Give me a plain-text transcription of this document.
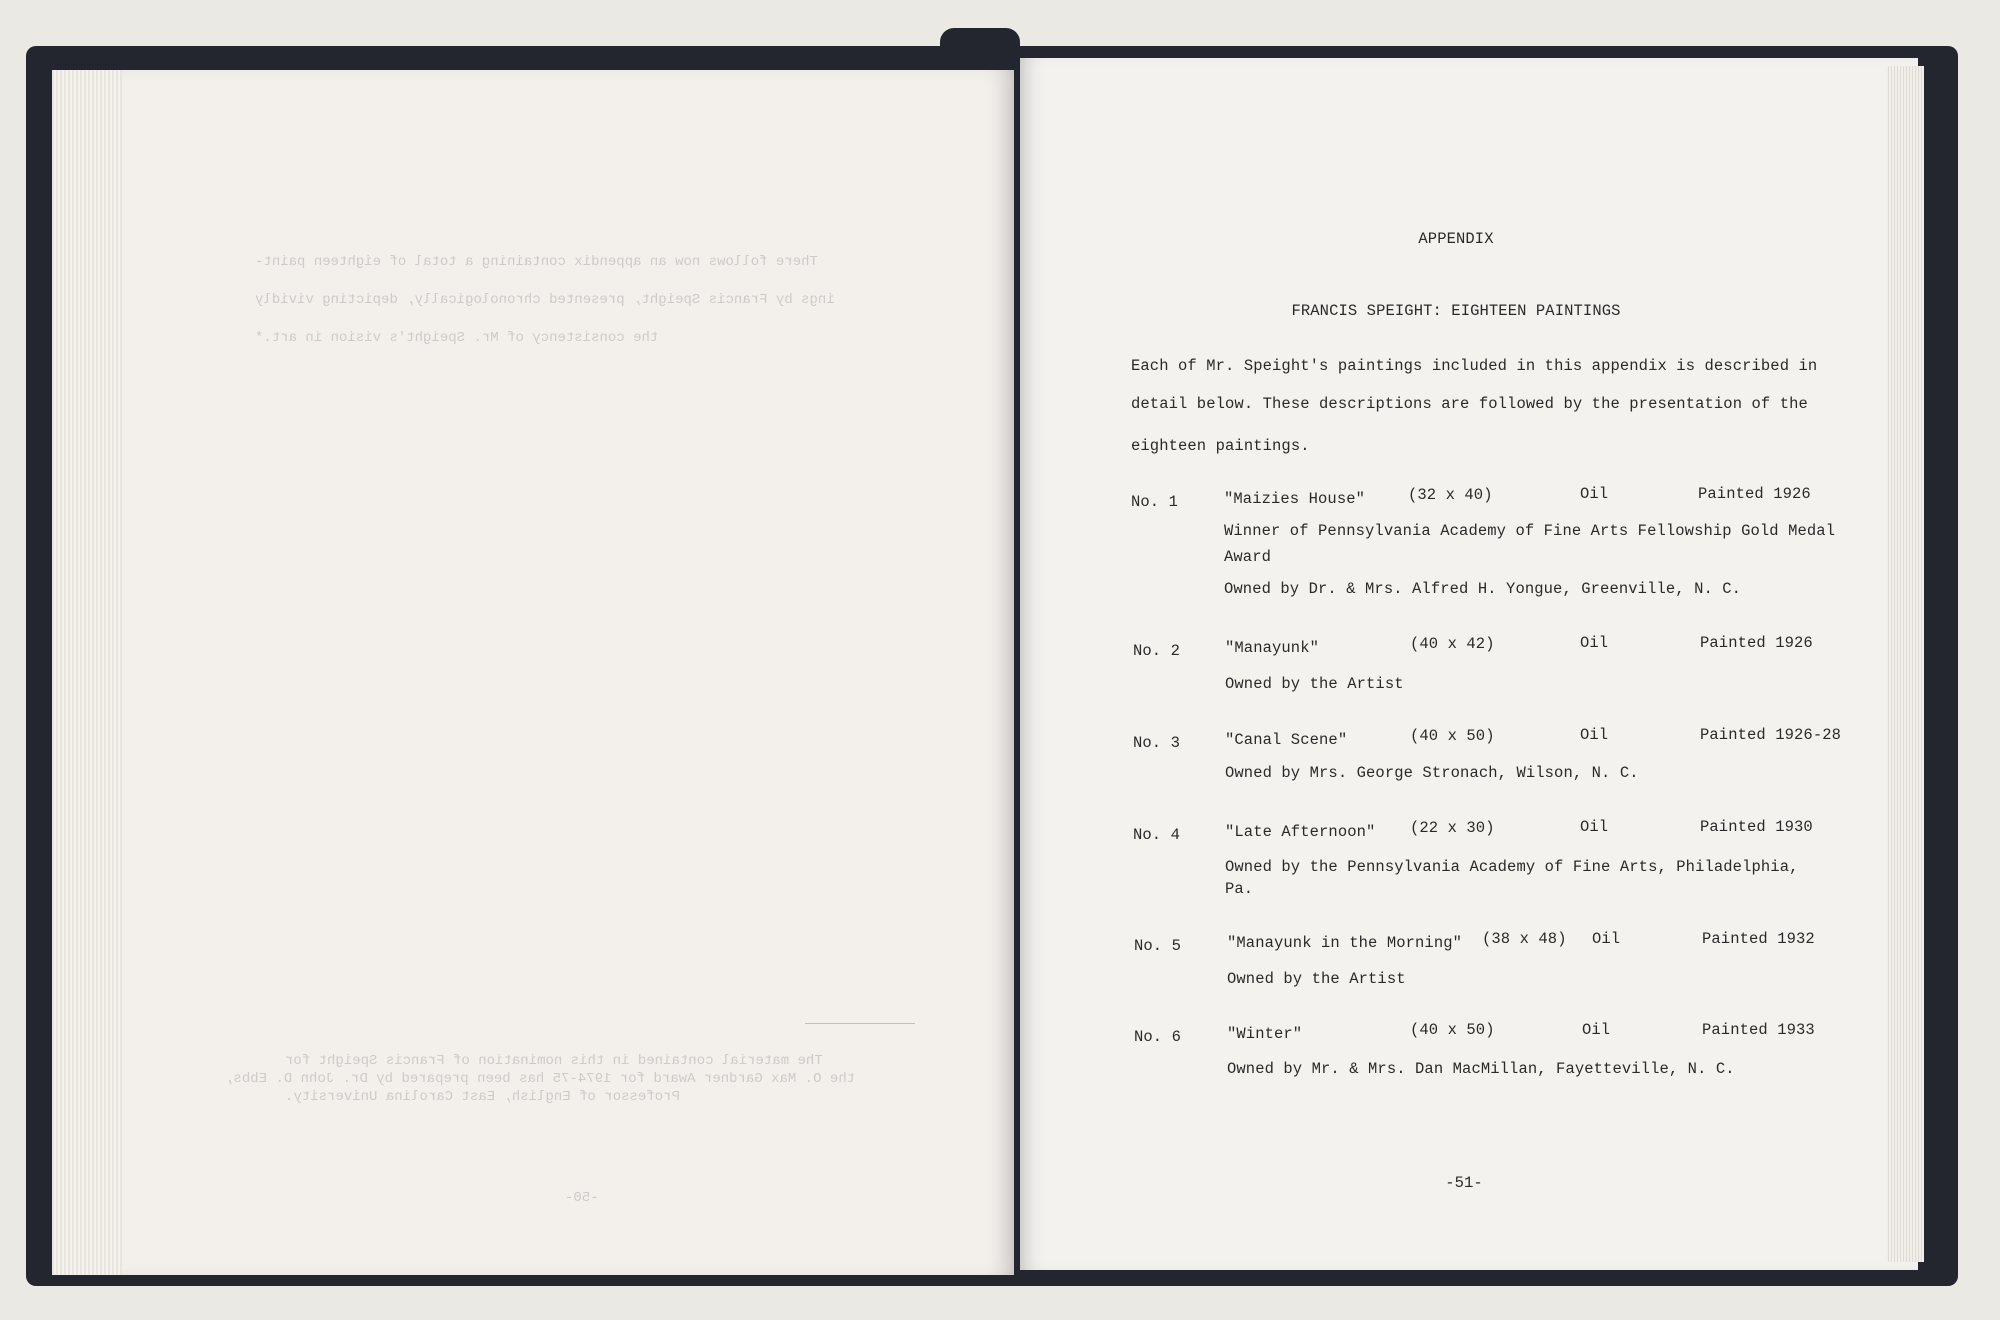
There follows now an appendix containing a total of eighteen paint-
ings by Francis Speight, presented chronologically, depicting vividly
the consistency of Mr. Speight's vision in art.*
The material contained in this nomination of Francis Speight for
the O. Max Gardner Award for 1974-75 has been prepared by Dr. John D. Ebbs,
Professor of English, East Carolina University.
-50-
APPENDIX
FRANCIS SPEIGHT: EIGHTEEN PAINTINGS
Each of Mr. Speight's paintings included in this appendix is described in
detail below. These descriptions are followed by the presentation of the
eighteen paintings.
No. 1	"Maizies House"	(32 x 40)	Oil	Painted 1926
Winner of Pennsylvania Academy of Fine Arts Fellowship Gold Medal
Award
Owned by Dr. & Mrs. Alfred H. Yongue, Greenville, N. C.
No. 2	"Manayunk"	(40 x 42)	Oil	Painted 1926
Owned by the Artist
No. 3	"Canal Scene"	(40 x 50)	Oil	Painted 1926-28
Owned by Mrs. George Stronach, Wilson, N. C.
No. 4	"Late Afternoon" (22 x 30)	Oil	Painted 1930
Owned by the Pennsylvania Academy of Fine Arts, Philadelphia,
Pa.
No. 5	"Manayunk in the Morning" (38 x 48) Oil	Painted 1932
Owned by the Artist
No. 6	"Winter"	(40 x 50)	Oil	Painted 1933
Owned by Mr. & Mrs. Dan MacMillan, Fayetteville, N. C.
-51-
